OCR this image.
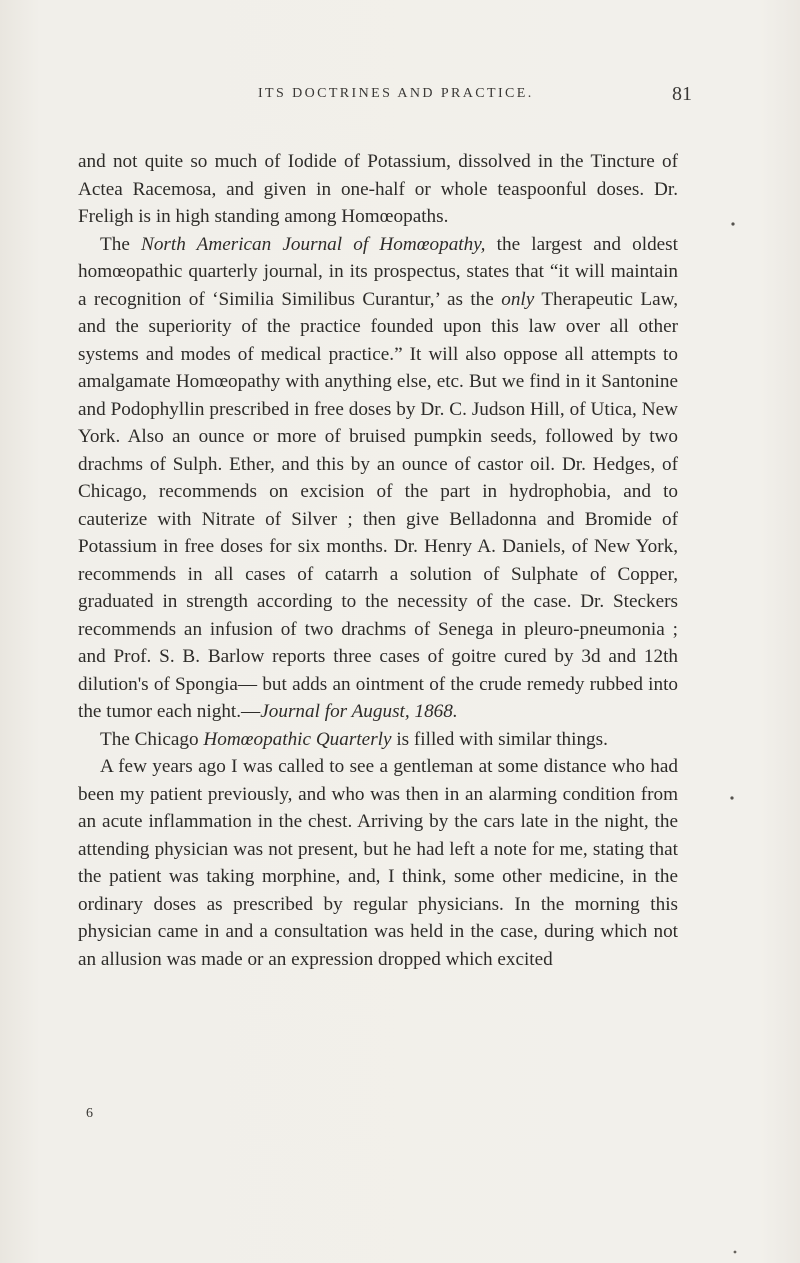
ITS DOCTRINES AND PRACTICE.	81

and not quite so much of Iodide of Potassium, dissolved in the Tincture of Actea Racemosa, and given in one-half or whole teaspoonful doses. Dr. Freligh is in high standing among Homœopaths.

The North American Journal of Homœopathy, the largest and oldest homœopathic quarterly journal, in its prospectus, states that “it will maintain a recognition of ‘Similia Similibus Curantur,’ as the only Therapeutic Law, and the superiority of the practice founded upon this law over all other systems and modes of medical practice.” It will also oppose all attempts to amalgamate Homœopathy with anything else, etc. But we find in it Santonine and Podophyllin prescribed in free doses by Dr. C. Judson Hill, of Utica, New York. Also an ounce or more of bruised pumpkin seeds, followed by two drachms of Sulph. Ether, and this by an ounce of castor oil. Dr. Hedges, of Chicago, recommends on excision of the part in hydrophobia, and to cauterize with Nitrate of Silver ; then give Belladonna and Bromide of Potassium in free doses for six months. Dr. Henry A. Daniels, of New York, recommends in all cases of catarrh a solution of Sulphate of Copper, graduated in strength according to the necessity of the case. Dr. Steckers recommends an infusion of two drachms of Senega in pleuro-pneumonia ; and Prof. S. B. Barlow reports three cases of goitre cured by 3d and 12th dilution's of Spongia— but adds an ointment of the crude remedy rubbed into the tumor each night.—Journal for August, 1868.

The Chicago Homœopathic Quarterly is filled with similar things.

A few years ago I was called to see a gentleman at some distance who had been my patient previously, and who was then in an alarming condition from an acute inflammation in the chest. Arriving by the cars late in the night, the attending physician was not present, but he had left a note for me, stating that the patient was taking morphine, and, I think, some other medicine, in the ordinary doses as prescribed by regular physicians. In the morning this physician came in and a consultation was held in the case, during which not an allusion was made or an expression dropped which excited

6
